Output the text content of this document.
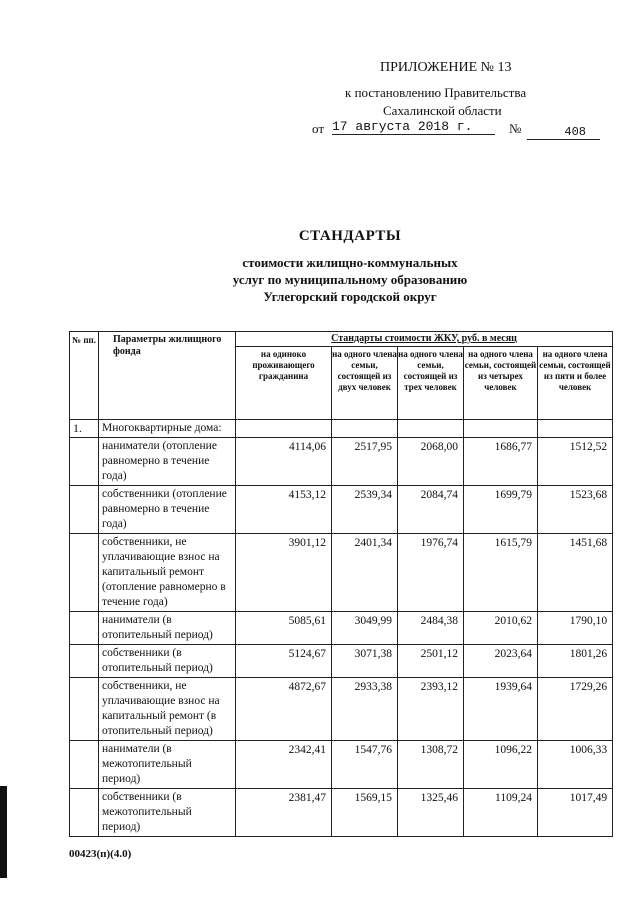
ПРИЛОЖЕНИЕ № 13
к постановлению Правительства
Сахалинской области
от 17 августа 2018 г.	№	408
СТАНДАРТЫ
стоимости жилищно-коммунальных
услуг по муниципальному образованию
Углегорский городской округ
№ пп.	Параметры жилищного фонда	Стандарты стоимости ЖКУ, руб. в месяц				
		на одиноко проживающего гражданина	на одного члена семьи, состоящей из двух человек	на одного члена семьи, состоящей из трех человек	на одного члена семьи, состоящей из четырех человек	на одного члена семьи, состоящей из пяти и более человек
1.	Многоквартирные дома:					
	наниматели (отопление равномерно в течение года)	4114,06	2517,95	2068,00	1686,77	1512,52
	собственники (отопление равномерно в течение года)	4153,12	2539,34	2084,74	1699,79	1523,68
	собственники, не уплачивающие взнос на капитальный ремонт (отопление равномерно в течение года)	3901,12	2401,34	1976,74	1615,79	1451,68
	наниматели (в отопительный период)	5085,61	3049,99	2484,38	2010,62	1790,10
	собственники (в отопительный период)	5124,67	3071,38	2501,12	2023,64	1801,26
	собственники, не уплачивающие взнос на капитальный ремонт (в отопительный период)	4872,67	2933,38	2393,12	1939,64	1729,26
	наниматели (в межотопительный период)	2342,41	1547,76	1308,72	1096,22	1006,33
	собственники (в межотопительный период)	2381,47	1569,15	1325,46	1109,24	1017,49
00423(п)(4.0)
